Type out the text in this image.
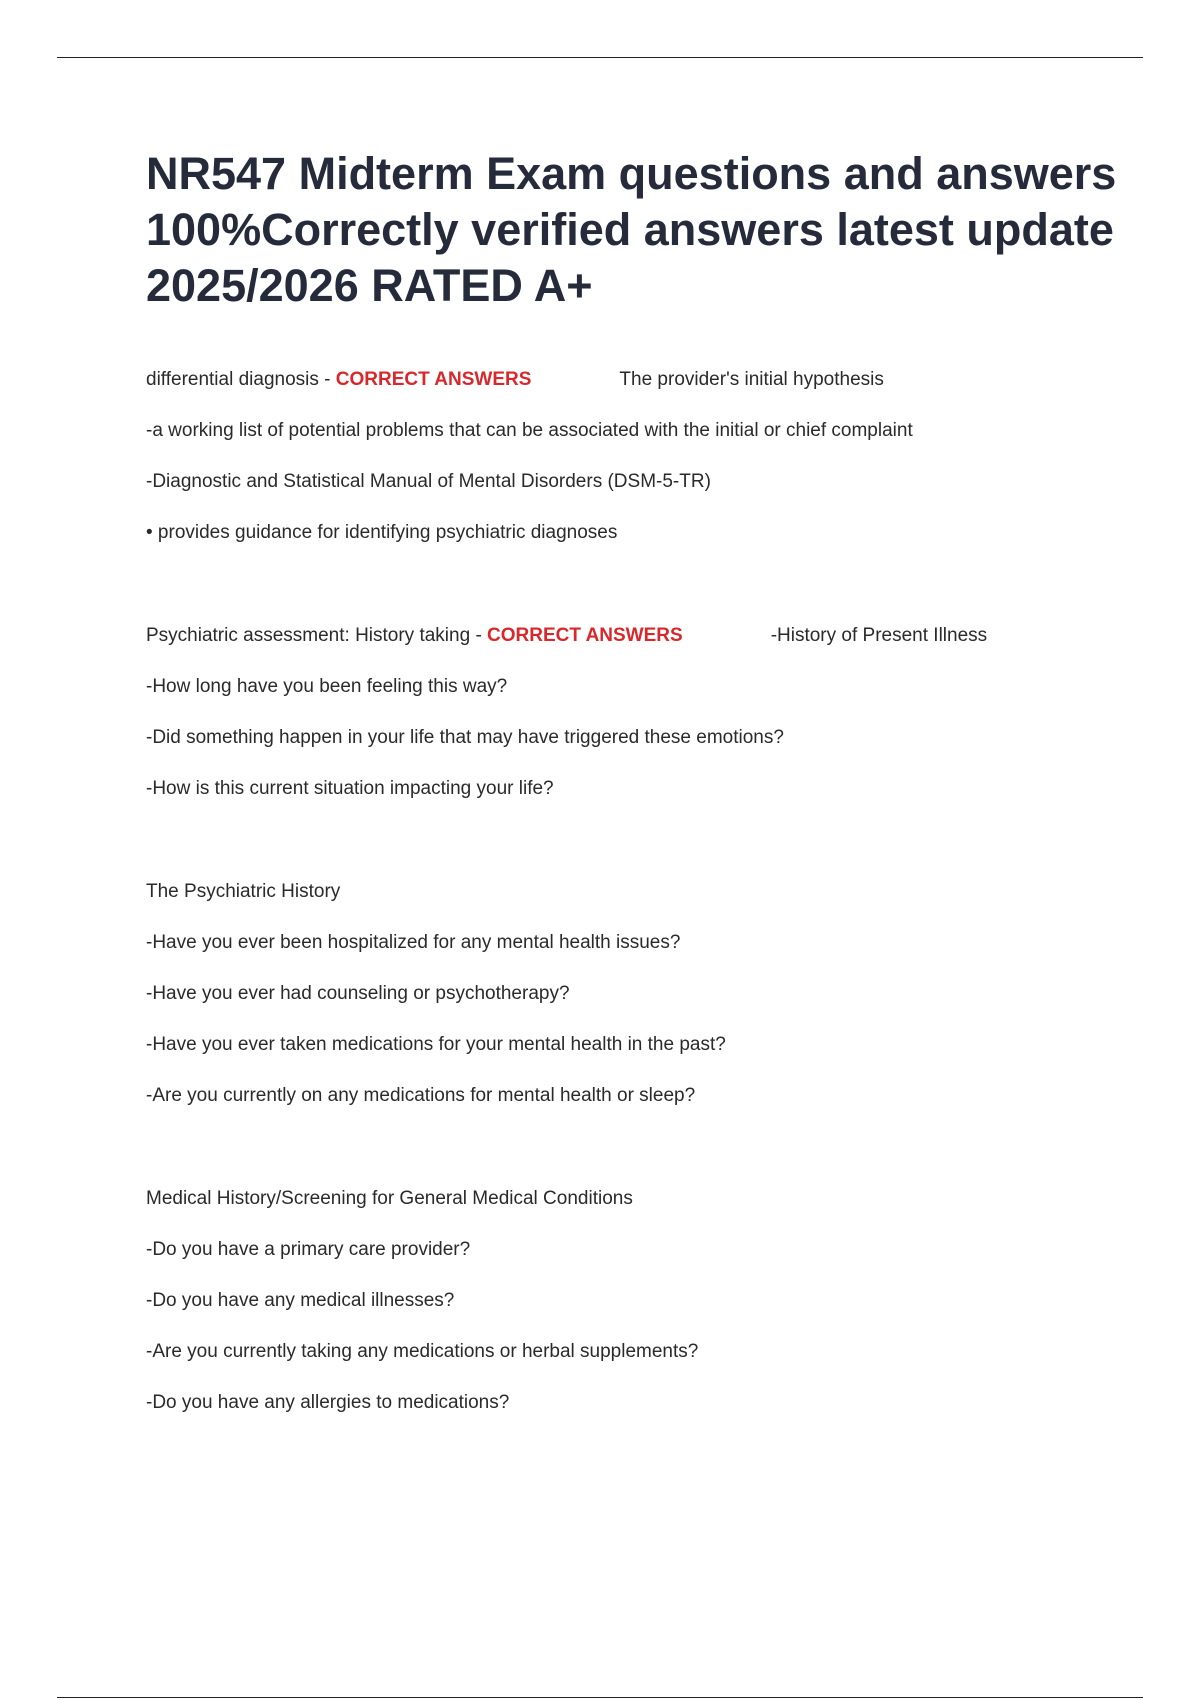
NR547 Midterm Exam questions and answers 100%Correctly verified answers latest update 2025/2026 RATED A+
differential diagnosis - CORRECT ANSWERS	The provider's initial hypothesis
-a working list of potential problems that can be associated with the initial or chief complaint
-Diagnostic and Statistical Manual of Mental Disorders (DSM-5-TR)
• provides guidance for identifying psychiatric diagnoses
Psychiatric assessment: History taking - CORRECT ANSWERS	-History of Present Illness
-How long have you been feeling this way?
-Did something happen in your life that may have triggered these emotions?
-How is this current situation impacting your life?
The Psychiatric History
-Have you ever been hospitalized for any mental health issues?
-Have you ever had counseling or psychotherapy?
-Have you ever taken medications for your mental health in the past?
-Are you currently on any medications for mental health or sleep?
Medical History/Screening for General Medical Conditions
-Do you have a primary care provider?
-Do you have any medical illnesses?
-Are you currently taking any medications or herbal supplements?
-Do you have any allergies to medications?
